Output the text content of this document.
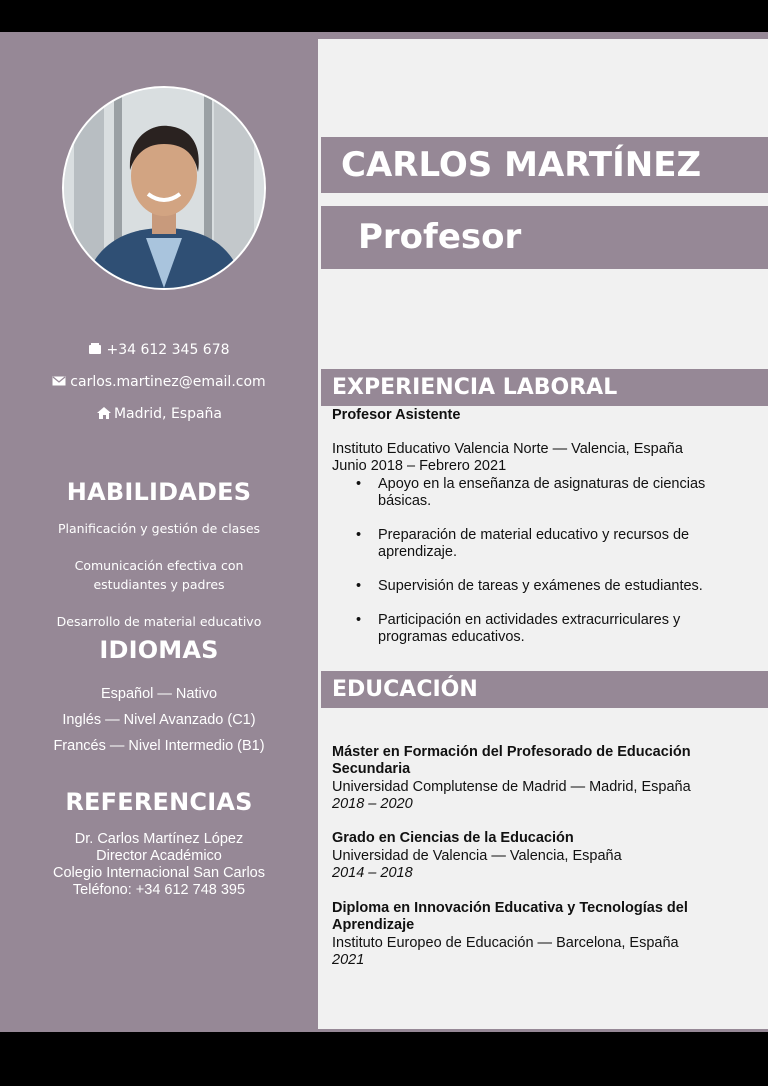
+34 612 345 678
carlos.martinez@email.com
Madrid, España
HABILIDADES
Planificación y gestión de clases
Comunicación efectiva con estudiantes y padres
Desarrollo de material educativo
IDIOMAS
Español — Nativo
Inglés — Nivel Avanzado (C1)
Francés — Nivel Intermedio (B1)
REFERENCIAS
Dr. Carlos Martínez López
Director Académico
Colegio Internacional San Carlos
Teléfono: +34 612 748 395
CARLOS MARTÍNEZ
Profesor
EXPERIENCIA LABORAL
Profesor Asistente
Instituto Educativo Valencia Norte — Valencia, España
Junio 2018 – Febrero 2021
• Apoyo en la enseñanza de asignaturas de ciencias básicas.
• Preparación de material educativo y recursos de aprendizaje.
• Supervisión de tareas y exámenes de estudiantes.
• Participación en actividades extracurriculares y programas educativos.
EDUCACIÓN
Máster en Formación del Profesorado de Educación Secundaria
Universidad Complutense de Madrid — Madrid, España
2018 – 2020
Grado en Ciencias de la Educación
Universidad de Valencia — Valencia, España
2014 – 2018
Diploma en Innovación Educativa y Tecnologías del Aprendizaje
Instituto Europeo de Educación — Barcelona, España
2021
